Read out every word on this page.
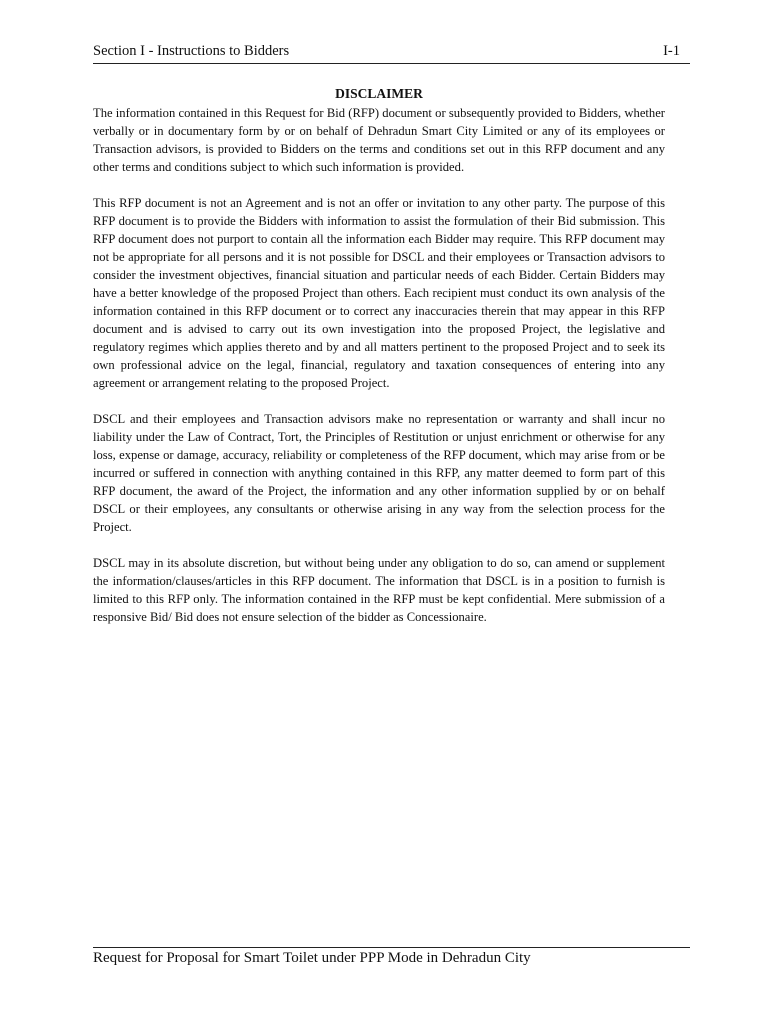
Section I - Instructions to Bidders	I-1
DISCLAIMER

The information contained in this Request for Bid (RFP) document or subsequently provided to Bidders, whether verbally or in documentary form by or on behalf of Dehradun Smart City Limited or any of its employees or Transaction advisors, is provided to Bidders on the terms and conditions set out in this RFP document and any other terms and conditions subject to which such information is provided.

This RFP document is not an Agreement and is not an offer or invitation to any other party. The purpose of this RFP document is to provide the Bidders with information to assist the formulation of their Bid submission. This RFP document does not purport to contain all the information each Bidder may require. This RFP document may not be appropriate for all persons and it is not possible for DSCL and their employees or Transaction advisors to consider the investment objectives, financial situation and particular needs of each Bidder. Certain Bidders may have a better knowledge of the proposed Project than others. Each recipient must conduct its own analysis of the information contained in this RFP document or to correct any inaccuracies therein that may appear in this RFP document and is advised to carry out its own investigation into the proposed Project, the legislative and regulatory regimes which applies thereto and by and all matters pertinent to the proposed Project and to seek its own professional advice on the legal, financial, regulatory and taxation consequences of entering into any agreement or arrangement relating to the proposed Project.

DSCL and their employees and Transaction advisors make no representation or warranty and shall incur no liability under the Law of Contract, Tort, the Principles of Restitution or unjust enrichment or otherwise for any loss, expense or damage, accuracy, reliability or completeness of the RFP document, which may arise from or be incurred or suffered in connection with anything contained in this RFP, any matter deemed to form part of this RFP document, the award of the Project, the information and any other information supplied by or on behalf DSCL or their employees, any consultants or otherwise arising in any way from the selection process for the Project.

DSCL may in its absolute discretion, but without being under any obligation to do so, can amend or supplement the information/clauses/articles in this RFP document. The information that DSCL is in a position to furnish is limited to this RFP only. The information contained in the RFP must be kept confidential. Mere submission of a responsive Bid/ Bid does not ensure selection of the bidder as Concessionaire.

Request for Proposal for Smart Toilet under PPP Mode in Dehradun City
